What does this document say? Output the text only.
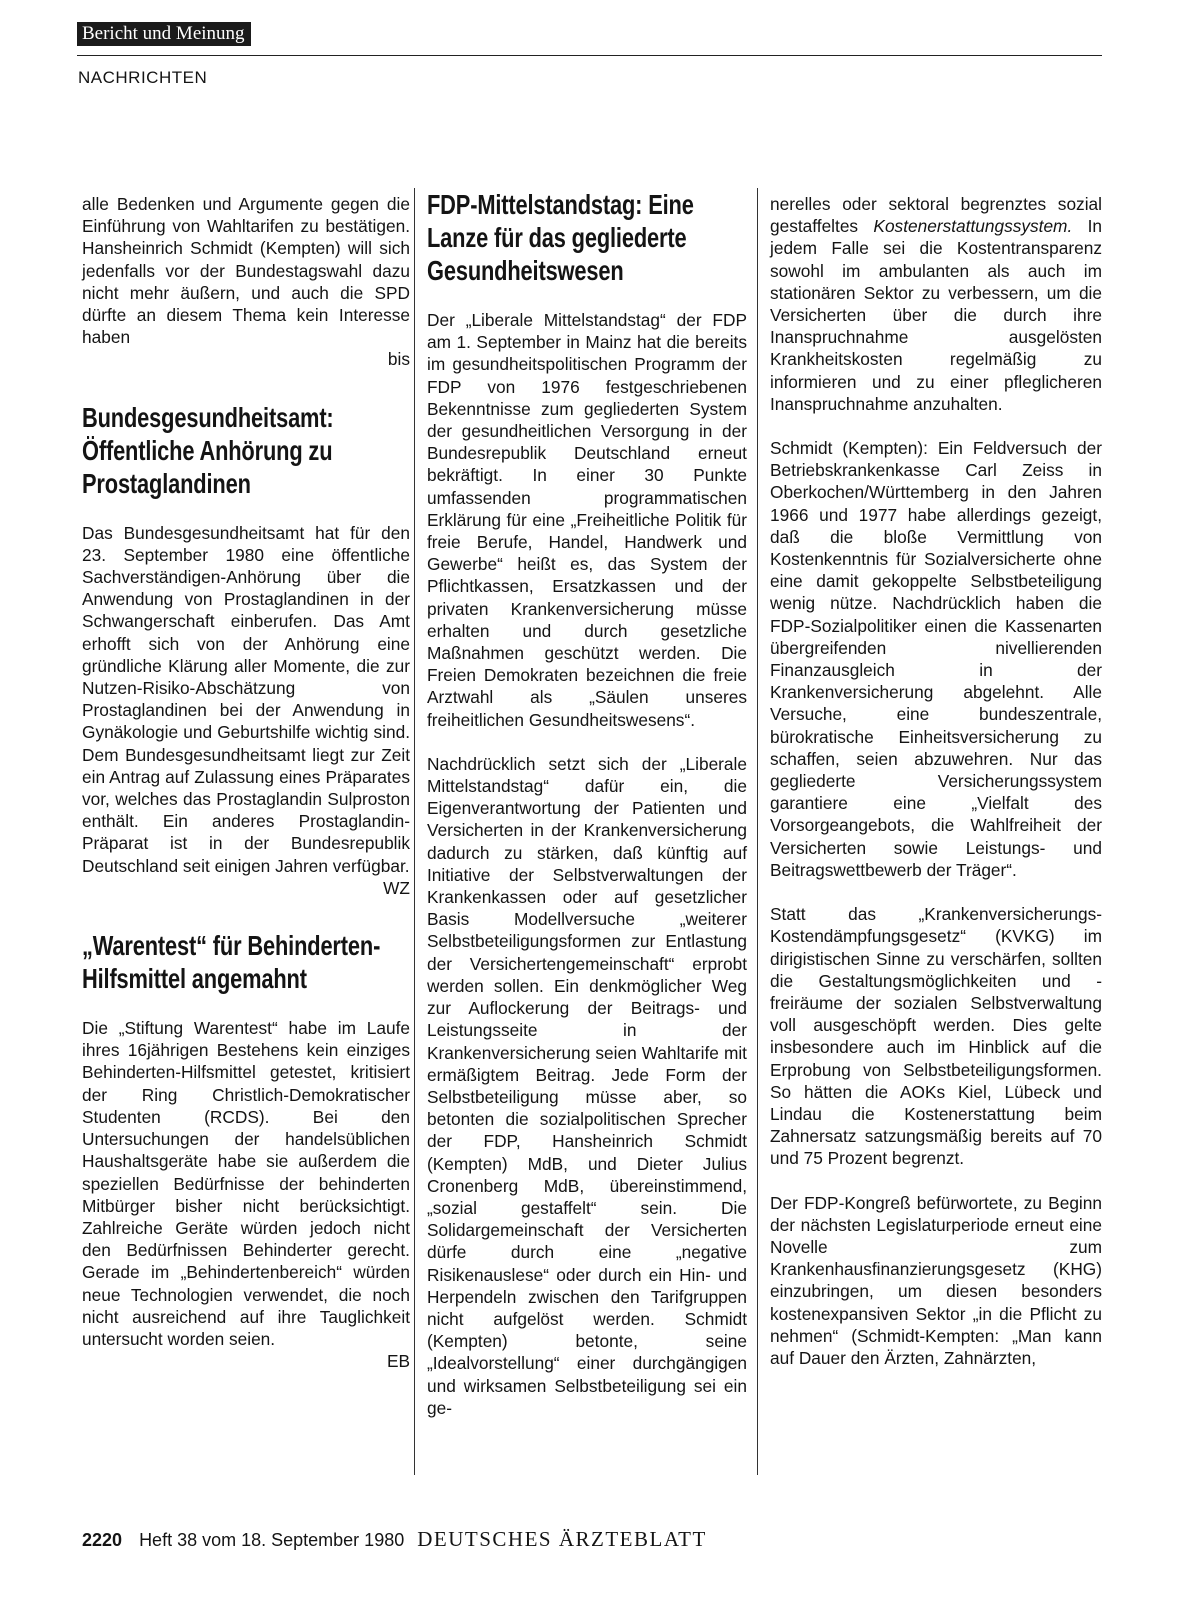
Bericht und Meinung
NACHRICHTEN

alle Bedenken und Argumente gegen die Einführung von Wahltarifen zu bestätigen. Hansheinrich Schmidt (Kempten) will sich jedenfalls vor der Bundestagswahl dazu nicht mehr äußern, und auch die SPD dürfte an diesem Thema kein Interesse haben

bis
Bundesgesundheitsamt: Öffentliche Anhörung zu Prostaglandinen

Das Bundesgesundheitsamt hat für den 23. September 1980 eine öffentliche Sachverständigen-Anhörung über die Anwendung von Prostaglandinen in der Schwangerschaft einberufen. Das Amt erhofft sich von der Anhörung eine gründliche Klärung aller Momente, die zur Nutzen-Risiko-Abschätzung von Prostaglandinen bei der Anwendung in Gynäkologie und Geburtshilfe wichtig sind. Dem Bundesgesundheitsamt liegt zur Zeit ein Antrag auf Zulassung eines Präparates vor, welches das Prostaglandin Sulproston enthält. Ein anderes Prostaglandin-Präparat ist in der Bundesrepublik Deutschland seit einigen Jahren verfügbar.

WZ
„Warentest“ für Behinderten-Hilfsmittel angemahnt

Die „Stiftung Warentest“ habe im Laufe ihres 16jährigen Bestehens kein einziges Behinderten-Hilfsmittel getestet, kritisiert der Ring Christlich-Demokratischer Studenten (RCDS). Bei den Untersuchungen der handelsüblichen Haushaltsgeräte habe sie außerdem die speziellen Bedürfnisse der behinderten Mitbürger bisher nicht berücksichtigt. Zahlreiche Geräte würden jedoch nicht den Bedürfnissen Behinderter gerecht. Gerade im „Behindertenbereich“ würden neue Technologien verwendet, die noch nicht ausreichend auf ihre Tauglichkeit untersucht worden seien.

EB
FDP-Mittelstandstag: Eine Lanze für das gegliederte Gesundheitswesen

Der „Liberale Mittelstandstag“ der FDP am 1. September in Mainz hat die bereits im gesundheitspolitischen Programm der FDP von 1976 festgeschriebenen Bekenntnisse zum gegliederten System der gesundheitlichen Versorgung in der Bundesrepublik Deutschland erneut bekräftigt. In einer 30 Punkte umfassenden programmatischen Erklärung für eine „Freiheitliche Politik für freie Berufe, Handel, Handwerk und Gewerbe“ heißt es, das System der Pflichtkassen, Ersatzkassen und der privaten Krankenversicherung müsse erhalten und durch gesetzliche Maßnahmen geschützt werden. Die Freien Demokraten bezeichnen die freie Arztwahl als „Säulen unseres freiheitlichen Gesundheitswesens“.

Nachdrücklich setzt sich der „Liberale Mittelstandstag“ dafür ein, die Eigenverantwortung der Patienten und Versicherten in der Krankenversicherung dadurch zu stärken, daß künftig auf Initiative der Selbstverwaltungen der Krankenkassen oder auf gesetzlicher Basis Modellversuche „weiterer Selbstbeteiligungsformen zur Entlastung der Versichertengemeinschaft“ erprobt werden sollen. Ein denkmöglicher Weg zur Auflockerung der Beitrags- und Leistungsseite in der Krankenversicherung seien Wahltarife mit ermäßigtem Beitrag. Jede Form der Selbstbeteiligung müsse aber, so betonten die sozialpolitischen Sprecher der FDP, Hansheinrich Schmidt (Kempten) MdB, und Dieter Julius Cronenberg MdB, übereinstimmend, „sozial gestaffelt“ sein. Die Solidargemeinschaft der Versicherten dürfe durch eine „negative Risikenauslese“ oder durch ein Hin- und Herpendeln zwischen den Tarifgruppen nicht aufgelöst werden. Schmidt (Kempten) betonte, seine „Idealvorstellung“ einer durchgängigen und wirksamen Selbstbeteiligung sei ein ge-

nerelles oder sektoral begrenztes sozial gestaffeltes Kostenerstattungssystem. In jedem Falle sei die Kostentransparenz sowohl im ambulanten als auch im stationären Sektor zu verbessern, um die Versicherten über die durch ihre Inanspruchnahme ausgelösten Krankheitskosten regelmäßig zu informieren und zu einer pfleglicheren Inanspruchnahme anzuhalten.

Schmidt (Kempten): Ein Feldversuch der Betriebskrankenkasse Carl Zeiss in Oberkochen/Württemberg in den Jahren 1966 und 1977 habe allerdings gezeigt, daß die bloße Vermittlung von Kostenkenntnis für Sozialversicherte ohne eine damit gekoppelte Selbstbeteiligung wenig nütze. Nachdrücklich haben die FDP-Sozialpolitiker einen die Kassenarten übergreifenden nivellierenden Finanzausgleich in der Krankenversicherung abgelehnt. Alle Versuche, eine bundeszentrale, bürokratische Einheitsversicherung zu schaffen, seien abzuwehren. Nur das gegliederte Versicherungssystem garantiere eine „Vielfalt des Vorsorgeangebots, die Wahlfreiheit der Versicherten sowie Leistungs- und Beitragswettbewerb der Träger“.

Statt das „Krankenversicherungs-Kostendämpfungsgesetz“ (KVKG) im dirigistischen Sinne zu verschärfen, sollten die Gestaltungsmöglichkeiten und -freiräume der sozialen Selbstverwaltung voll ausgeschöpft werden. Dies gelte insbesondere auch im Hinblick auf die Erprobung von Selbstbeteiligungsformen. So hätten die AOKs Kiel, Lübeck und Lindau die Kostenerstattung beim Zahnersatz satzungsmäßig bereits auf 70 und 75 Prozent begrenzt.

Der FDP-Kongreß befürwortete, zu Beginn der nächsten Legislaturperiode erneut eine Novelle zum Krankenhausfinanzierungsgesetz (KHG) einzubringen, um diesen besonders kostenexpansiven Sektor „in die Pflicht zu nehmen“ (Schmidt-Kempten: „Man kann auf Dauer den Ärzten, Zahnärzten,

2220 Heft 38 vom 18. September 1980 DEUTSCHES ÄRZTEBLATT
